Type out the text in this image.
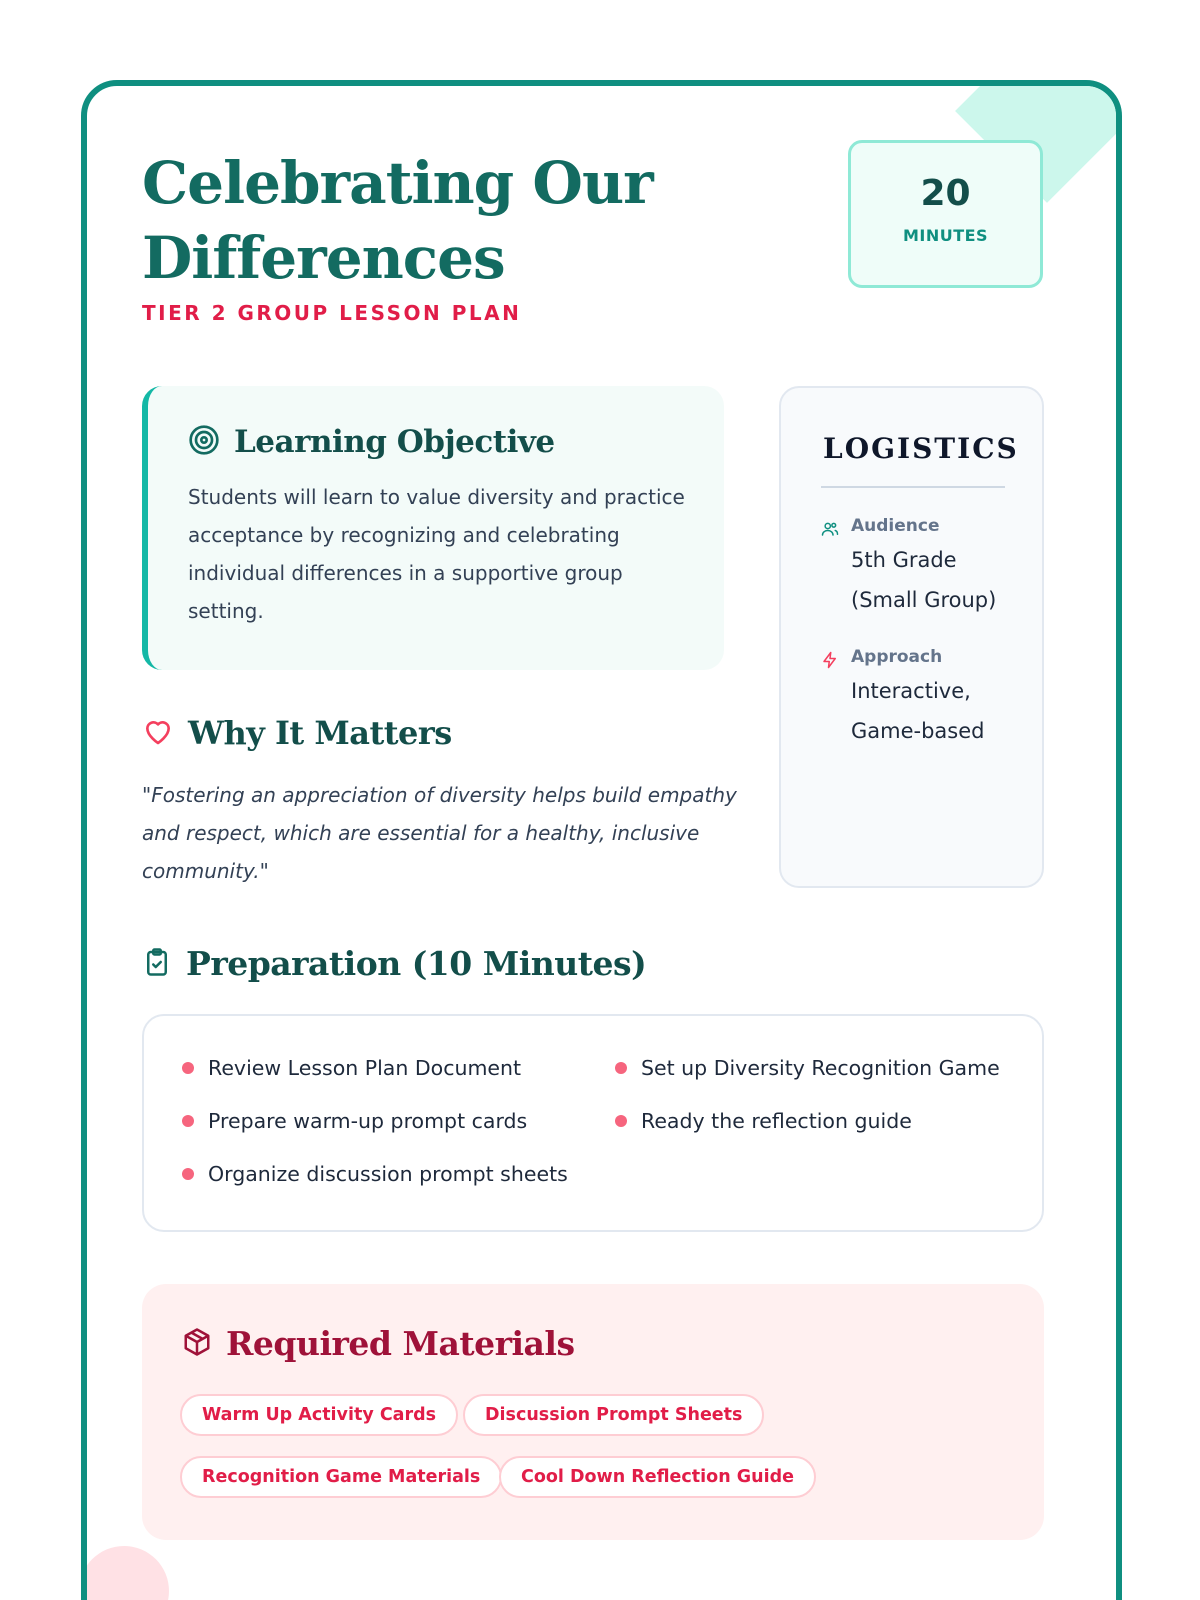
Celebrating Our Differences
TIER 2 GROUP LESSON PLAN
20
MINUTES
Learning Objective

Students will learn to value diversity and practice acceptance by recognizing and celebrating individual differences in a supportive group setting.

LOGISTICS
Audience
5th Grade (Small Group)
Approach
Interactive, Game-based
Why It Matters

"Fostering an appreciation of diversity helps build empathy and respect, which are essential for a healthy, inclusive community."

Preparation (10 Minutes)
Review Lesson Plan Document
Prepare warm-up prompt cards
Organize discussion prompt sheets
Set up Diversity Recognition Game
Ready the reflection guide
Required Materials
Warm Up Activity Cards	Discussion Prompt Sheets
Recognition Game Materials	Cool Down Reflection Guide
